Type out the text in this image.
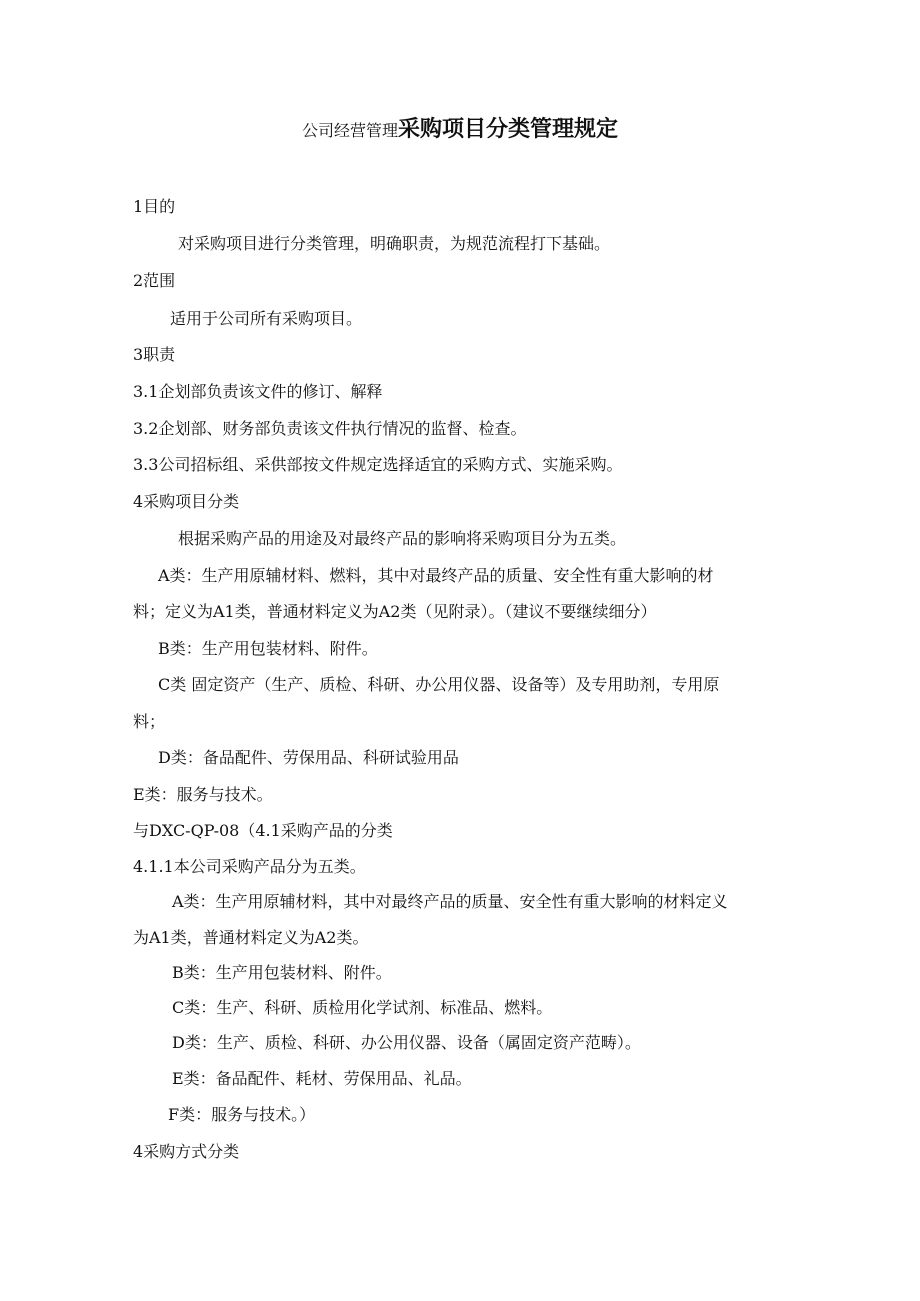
公司经营管理采购项目分类管理规定
1目的
对采购项目进行分类管理，明确职责，为规范流程打下基础。
2范围
适用于公司所有采购项目。
3职责
3.1企划部负责该文件的修订、解释
3.2企划部、财务部负责该文件执行情况的监督、检查。
3.3公司招标组、采供部按文件规定选择适宜的采购方式、实施采购。
4采购项目分类
根据采购产品的用途及对最终产品的影响将采购项目分为五类。
A类：生产用原辅材料、燃料，其中对最终产品的质量、安全性有重大影响的材
料；定义为A1类，普通材料定义为A2类（见附录）。（建议不要继续细分）
B类：生产用包装材料、附件。
C类 固定资产（生产、质检、科研、办公用仪器、设备等）及专用助剂，专用原
料；
D类：备品配件、劳保用品、科研试验用品
E类：服务与技术。
与DXC-QP-08（4.1采购产品的分类
4.1.1本公司采购产品分为五类。
A类：生产用原辅材料，其中对最终产品的质量、安全性有重大影响的材料定义
为A1类，普通材料定义为A2类。
B类：生产用包装材料、附件。
C类：生产、科研、质检用化学试剂、标准品、燃料。
D类：生产、质检、科研、办公用仪器、设备（属固定资产范畴）。
E类：备品配件、耗材、劳保用品、礼品。
F类：服务与技术。）
4采购方式分类
